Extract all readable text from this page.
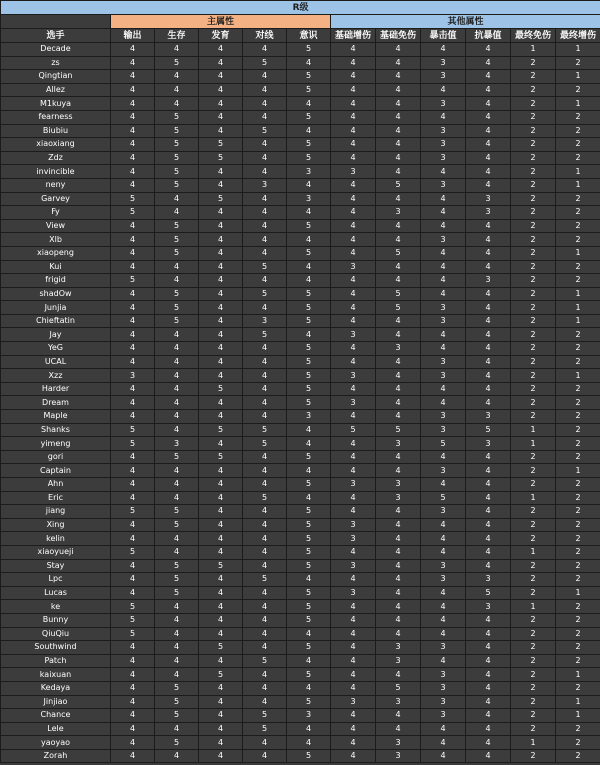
R级											
	主属性					其他属性					
选手	输出	生存	发育	对线	意识	基础增伤	基础免伤	暴击值	抗暴值	最终免伤	最终增伤
Decade	4	4	4	4	5	4	4	4	4	1	1
zs	4	5	4	5	4	4	4	3	4	2	2
Qingtian	4	4	4	4	5	4	4	3	4	2	1
Allez	4	4	4	4	5	4	4	4	4	2	2
M1kuya	4	4	4	4	4	4	4	3	4	2	1
fearness	4	5	4	4	5	4	4	4	4	2	2
Biubiu	4	5	4	5	4	4	4	3	4	2	2
xiaoxiang	4	5	5	4	5	4	4	3	4	2	2
Zdz	4	5	5	4	5	4	4	3	4	2	2
invincible	4	5	4	4	3	3	4	4	4	2	1
neny	4	5	4	3	4	4	5	3	4	2	1
Garvey	5	4	5	4	3	4	4	4	3	2	2
Fy	5	4	4	4	4	4	3	4	3	2	2
View	4	5	4	4	5	4	4	4	4	2	2
Xlb	4	5	4	4	4	4	4	3	4	2	2
xiaopeng	4	5	4	4	5	4	5	4	4	2	1
Kui	4	4	4	5	4	3	4	4	4	2	2
frigid	5	4	4	4	4	4	4	4	3	2	2
shadOw	4	5	4	5	5	4	5	4	4	2	1
Junjia	4	5	4	4	5	4	5	3	4	2	1
Chieftatin	4	5	4	3	5	4	4	3	4	2	1
Jay	4	4	4	5	4	3	4	4	4	2	2
YeG	4	4	4	4	5	4	3	4	4	2	2
UCAL	4	4	4	4	5	4	4	3	4	2	2
Xzz	3	4	4	4	5	3	4	3	4	2	1
Harder	4	4	5	4	5	4	4	4	4	2	2
Dream	4	4	4	4	5	3	4	4	4	2	2
Maple	4	4	4	4	3	4	4	3	3	2	2
Shanks	5	4	5	5	4	5	5	3	5	1	2
yimeng	5	3	4	5	4	4	3	5	3	1	2
gori	4	5	5	4	5	4	4	4	4	2	2
Captain	4	4	4	4	4	4	4	3	4	2	1
Ahn	4	4	4	4	5	3	3	4	4	2	2
Eric	4	4	4	5	4	4	3	5	4	1	2
jiang	5	5	4	4	5	4	4	3	4	2	2
Xing	4	5	4	4	5	3	4	4	4	2	2
kelin	4	4	4	4	5	3	4	4	4	2	2
xiaoyueji	5	4	4	4	5	4	4	4	4	1	2
Stay	4	5	5	4	5	3	4	3	4	2	2
Lpc	4	5	4	5	4	4	4	3	3	2	2
Lucas	4	5	4	4	5	3	4	4	5	2	1
ke	5	4	4	4	5	4	4	4	3	1	2
Bunny	5	4	4	4	5	4	4	4	4	2	2
QiuQiu	5	4	4	4	4	4	4	4	4	2	2
Southwind	4	4	5	4	5	4	3	3	4	2	2
Patch	4	4	4	5	4	4	3	4	4	2	2
kaixuan	4	4	5	4	5	4	4	3	4	2	1
Kedaya	4	5	4	4	4	4	5	3	4	2	2
Jinjiao	4	5	4	4	5	3	3	3	4	2	1
Chance	4	5	4	5	3	4	4	3	4	2	1
Lele	4	4	4	5	4	4	4	4	4	2	2
yaoyao	4	5	4	4	4	4	3	4	4	1	2
Zorah	4	4	4	4	5	4	3	4	4	2	2
